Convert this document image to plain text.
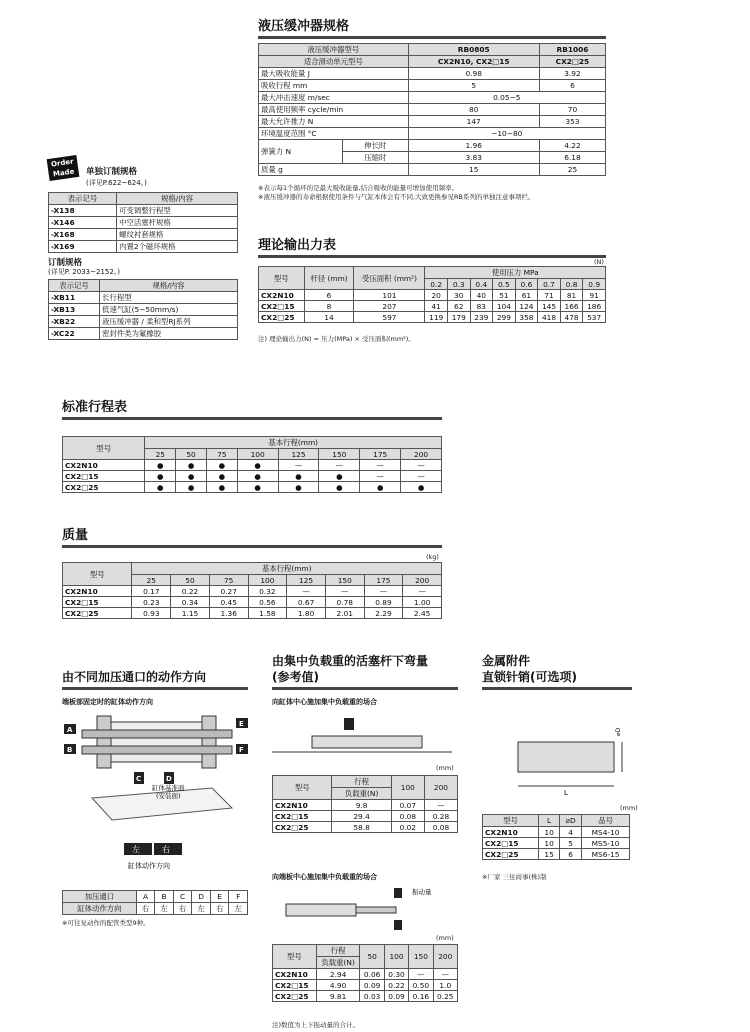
液压缓冲器规格
液压缓冲器型号		RB0805	RB1006
适合滑动单元型号		CX2N10, CX2□15	CX2□25
最大吸收能量 J		0.98	3.92
吸收行程 mm		5	6
最大冲击速度 m/sec		0.05~5	
最高使用频率 cycle/min		80	70
最大允许推力 N		147	353
环境温度范围 °C		−10~80	
弹簧力 N	伸长时	1.96	4.22
	压缩时	3.83	6.18
质量 g		15	25
※表示每1个循环的是最大吸收能量,结合吸收的能量可增加使用频率。
※液压缓冲器的寿命根据使用条件与气缸本体会有不同,大致更换参见RB系列的单独注意事项栏。
Order
Made	单独订制规格
(详见P.622~624。)
表示记号	规格/内容
-X138	可变调整行程型
-X146	中空活塞杆规格
-X168	螺纹衬套规格
-X169	内置2个磁环规格
订制规格
(详见P. 2033~2152。)
表示记号	规格/内容
-XB11	长行程型
-XB13	低速气缸(5~50mm/s)
-XB22	液压缓冲器 / 柔和型RJ系列
-XC22	密封件类为氟橡胶
理论输出力表
(N)
型号	杆径 (mm)	受压面积 (mm²)	使用压力 MPa							
			0.2	0.3	0.4	0.5	0.6	0.7	0.8	0.9
CX2N10	6	101	20	30	40	51	61	71	81	91
CX2□15	8	207	41	62	83	104	124	145	166	186
CX2□25	14	597	119	179	239	299	358	418	478	537
注) 理论输出力(N) = 压力(MPa) × 受压面积(mm²)。
标准行程表
型号	基本行程(mm)							
	25	50	75	100	125	150	175	200
CX2N10	●	●	●	●	—	—	—	—
CX2□15	●	●	●	●	●	●	—	—
CX2□25	●	●	●	●	●	●	●	●
质量
(kg)
型号	基本行程(mm)							
	25	50	75	100	125	150	175	200
CX2N10	0.17	0.22	0.27	0.32	—	—	—	—
CX2□15	0.23	0.34	0.45	0.56	0.67	0.78	0.89	1.00
CX2□25	0.93	1.15	1.36	1.58	1.80	2.01	2.29	2.45
由不同加压通口的动作方向
端板部固定时的缸体动作方向
A
B
C	D
E
F
缸体基准面
(安装面)
左	右
缸体动作方向
加压通口	A	B	C	D	E	F
缸体动作方向	右	左	右	左	右	左
※可往复动作的配管类型9种。
由集中负载重的活塞杆下弯量
(参考值)
向缸体中心施加集中负载重的场合
(mm)
型号	行程	100	200
	负载重(N)		
CX2N10	9.8	0.07	—
CX2□15	29.4	0.08	0.28
CX2□25	58.8	0.02	0.08
向端板中心施加集中负载重的场合
振动量
(mm)
型号	行程	50	100	150	200
	负载重(N)				
CX2N10	2.94	0.06	0.30	—	—
CX2□15	4.90	0.09	0.22	0.50	1.0
CX2□25	9.81	0.03	0.09	0.16	0.25
注)数值为上下振动量的合计。
金属附件
直锁针销(可选项)
L
⌀D
(mm)
型号	L	⌀D	品号
CX2N10	10	4	MS4-10
CX2□15	10	5	MS5-10
CX2□25	15	6	MS6-15
※厂家 三住商事(株)制
